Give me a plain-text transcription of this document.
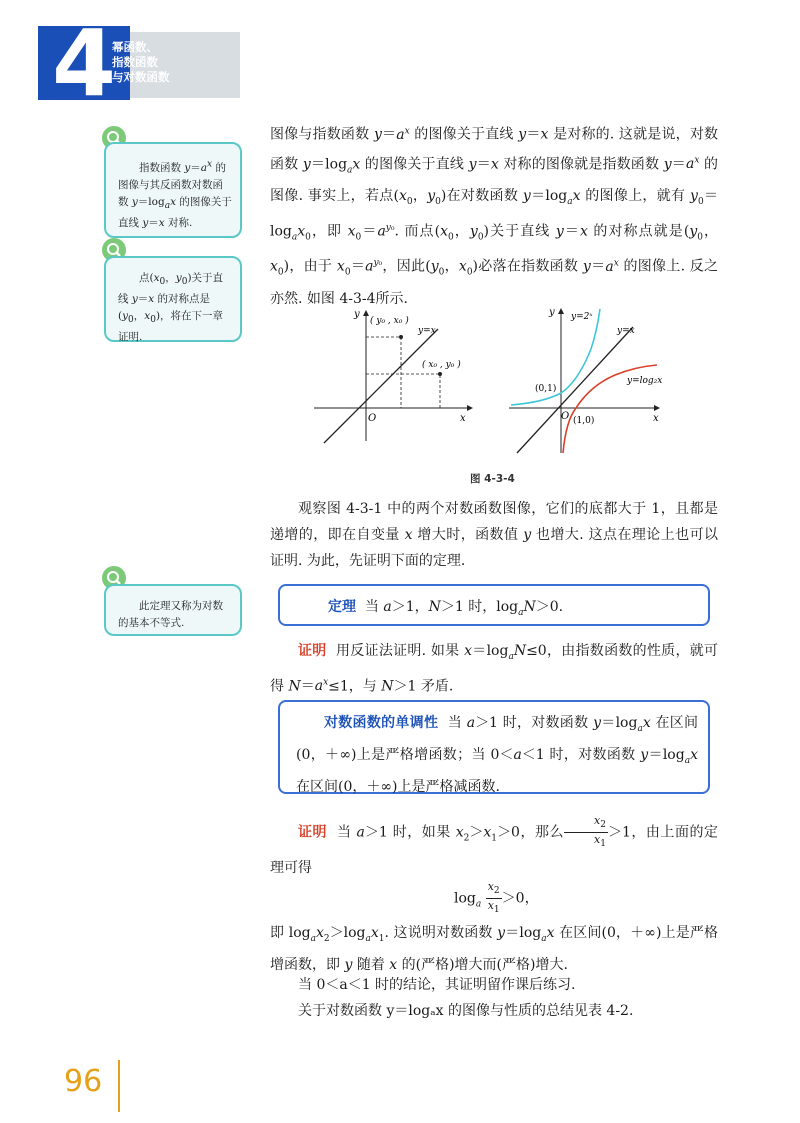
4
幂函数、
指数函数
与对数函数
指数函数 $y=a^x$ 的图像与其反函数对数函数 $y=\log_ax$ 的图像关于直线 y＝x 对称.
点($x_0$，$y_0$)关于直线 y＝x 的对称点是($y_0$，$x_0$)，将在下一章证明.
此定理又称为对数的基本不等式.
图像与指数函数 $y=a^x$ 的图像关于直线 y＝x 是对称的. 这就是说，对数函数 $y=\log_ax$ 的图像关于直线 y＝x 对称的图像就是指数函数 $y=a^x$ 的图像. 事实上，若点($x_0$，$y_0$)在对数函数 $y=\log_ax$ 的图像上，就有 $y_0=\log_ax_0$，即 $x_0=a^{y_0}$. 而点($x_0$，$y_0$)关于直线 y＝x 的对称点就是($y_0$，$x_0$)，由于 $x_0=a^{y_0}$，因此($y_0$，$x_0$)必落在指数函数 $y=a^x$ 的图像上. 反之亦然. 如图 4-3-4所示.
y
x
O
y=x
( y₀ , x₀ )
( x₀ , y₀ )
y
x
O
y=x
y=2ˣ
y=log₂x
(0,1)
(1,0)
图 4-3-4
观察图 4-3-1 中的两个对数函数图像，它们的底都大于 1，且都是递增的，即在自变量 x 增大时，函数值 y 也增大. 这点在理论上也可以证明. 为此，先证明下面的定理.
定理  当 a＞1，N＞1 时，$\log_aN>0$.
证明  用反证法证明. 如果 $x=\log_aN\le 0$，由指数函数的性质，就可得 $N=a^x\le 1$，与 N＞1 矛盾.
对数函数的单调性  当 a＞1 时，对数函数 $y=\log_ax$ 在区间(0，＋∞)上是严格增函数；当 0＜a＜1 时，对数函数 $y=\log_ax$ 在区间(0，＋∞)上是严格减函数.
证明  当 a＞1 时，如果 $x_2>x_1>0$，那么 $\frac{x_2}{x_1} >1$，由上面的定理可得
$\log_a \frac{x_2}{x_1} >0$，
即 $\log_ax_2>\log_ax_1$. 这说明对数函数 $y=\log_ax$ 在区间(0，＋∞)上是严格增函数，即 y 随着 x 的(严格)增大而(严格)增大.
当 0＜a＜1 时的结论，其证明留作课后练习.
关于对数函数 y＝logₐx 的图像与性质的总结见表 4-2.
96
